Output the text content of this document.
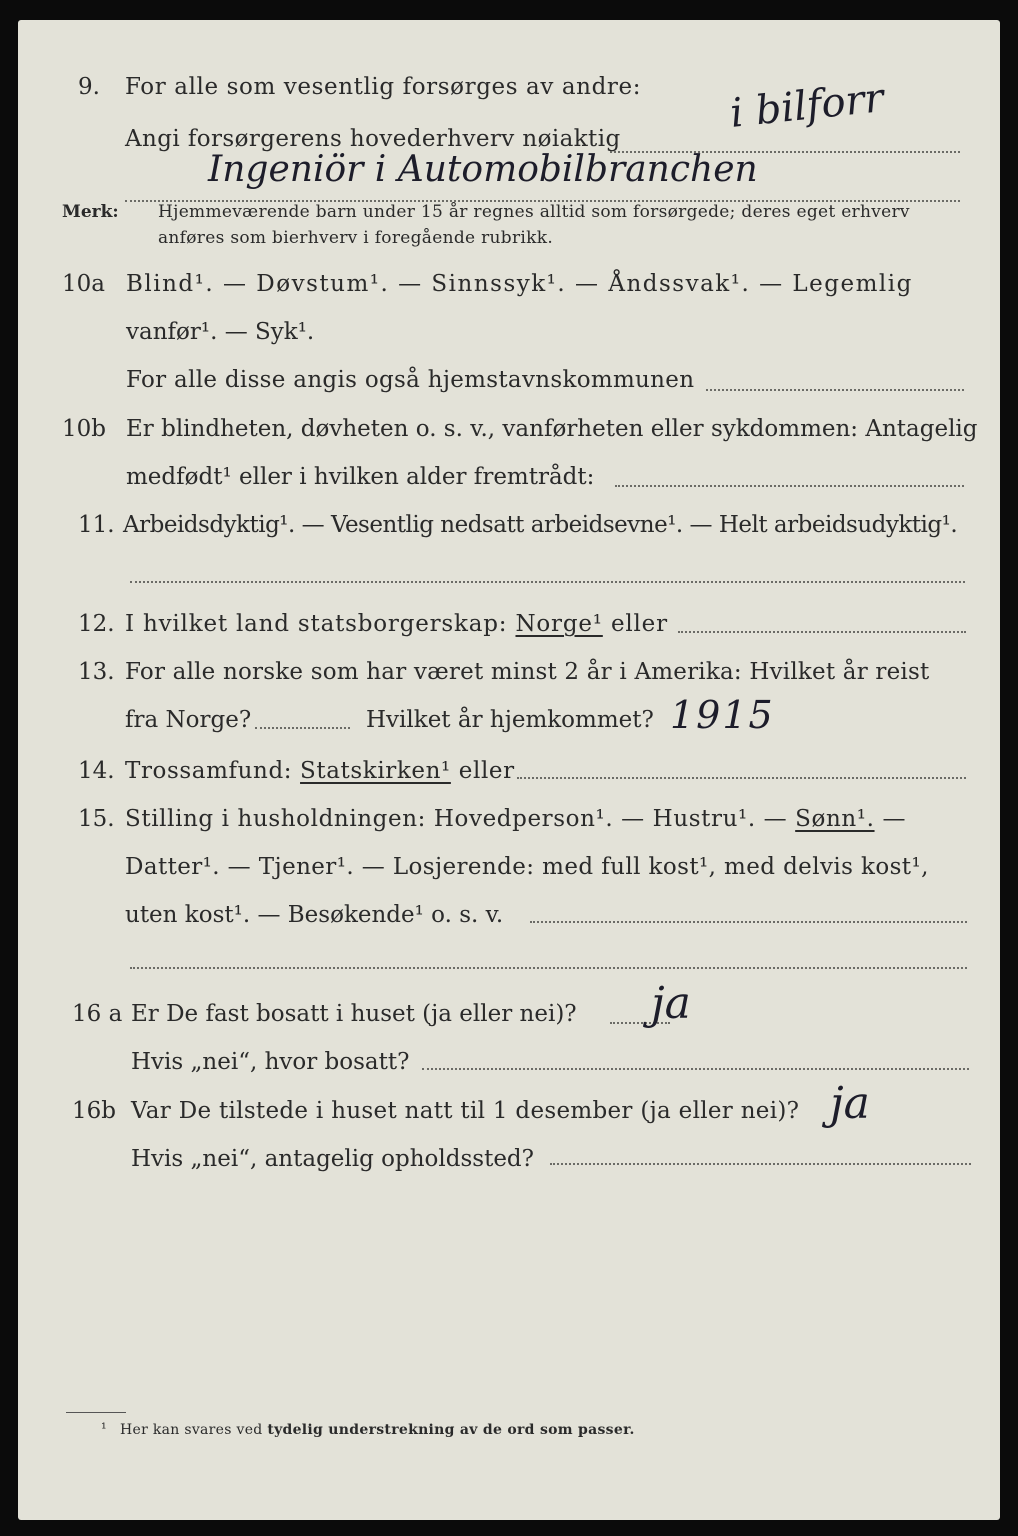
9. For alle som vesentlig forsørges av andre: i bilforr
Angi forsørgerens hovederhverv nøiaktig
Ingeniör i Automobilbranchen
Merk: Hjemmeværende barn under 15 år regnes alltid som forsørgede; deres eget erhverv
anføres som bierhverv i foregående rubrikk.
10a Blind¹. — Døvstum¹. — Sinnssyk¹. — Åndssvak¹. — Legemlig
vanfør¹. — Syk¹.
For alle disse angis også hjemstavnskommunen
10b Er blindheten, døvheten o. s. v., vanførheten eller sykdommen: Antagelig
medfødt¹ eller i hvilken alder fremtrådt:
11. Arbeidsdyktig¹. — Vesentlig nedsatt arbeidsevne¹. — Helt arbeidsudyktig¹.
12. I hvilket land statsborgerskap: Norge¹ eller
13. For alle norske som har været minst 2 år i Amerika: Hvilket år reist
fra Norge?	Hvilket år hjemkommet? 1915
14. Trossamfund: Statskirken¹ eller
15. Stilling i husholdningen: Hovedperson¹. — Hustru¹. — Sønn¹. —
Datter¹. — Tjener¹. — Losjerende: med full kost¹, med delvis kost¹,
uten kost¹. — Besøkende¹ o. s. v.
16 a Er De fast bosatt i huset (ja eller nei)? ja
Hvis „nei“, hvor bosatt?
16b Var De tilstede i huset natt til 1 desember (ja eller nei)? ja
Hvis „nei“, antagelig opholdssted?
¹ Her kan svares ved tydelig understrekning av de ord som passer.
